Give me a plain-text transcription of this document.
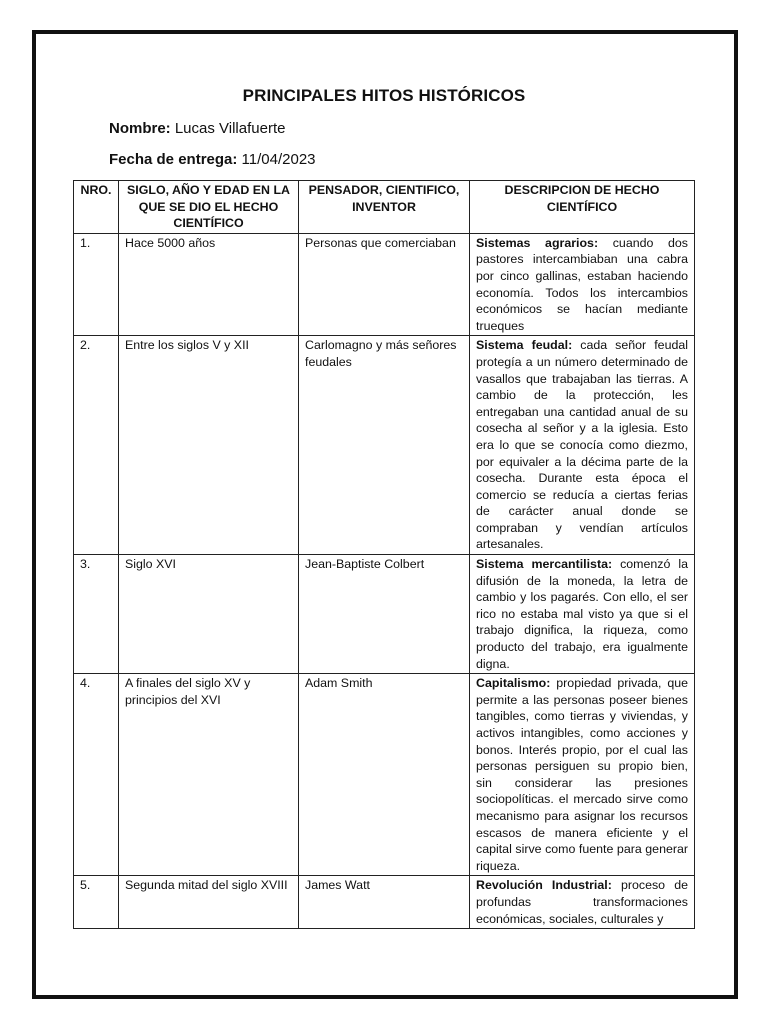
PRINCIPALES HITOS HISTÓRICOS
Nombre: Lucas Villafuerte
Fecha de entrega: 11/04/2023
NRO.	SIGLO, AÑO Y EDAD EN LA QUE SE DIO EL HECHO CIENTÍFICO	PENSADOR, CIENTIFICO, INVENTOR	DESCRIPCION DE HECHO CIENTÍFICO
1.	Hace 5000 años	Personas que comerciaban	Sistemas agrarios: cuando dos pastores intercambiaban una cabra por cinco gallinas, estaban haciendo economía. Todos los intercambios económicos se hacían mediante trueques
2.	Entre los siglos V y XII	Carlomagno y más señores feudales	Sistema feudal: cada señor feudal protegía a un número determinado de vasallos que trabajaban las tierras. A cambio de la protección, les entregaban una cantidad anual de su cosecha al señor y a la iglesia. Esto era lo que se conocía como diezmo, por equivaler a la décima parte de la cosecha. Durante esta época el comercio se reducía a ciertas ferias de carácter anual donde se compraban y vendían artículos artesanales.
3.	Siglo XVI	Jean-Baptiste Colbert	Sistema mercantilista: comenzó la difusión de la moneda, la letra de cambio y los pagarés. Con ello, el ser rico no estaba mal visto ya que si el trabajo dignifica, la riqueza, como producto del trabajo, era igualmente digna.
4.	A finales del siglo XV y principios del XVI	Adam Smith	Capitalismo: propiedad privada, que permite a las personas poseer bienes tangibles, como tierras y viviendas, y activos intangibles, como acciones y bonos. Interés propio, por el cual las personas persiguen su propio bien, sin considerar las presiones sociopolíticas. el mercado sirve como mecanismo para asignar los recursos escasos de manera eficiente y el capital sirve como fuente para generar riqueza.
5.	Segunda mitad del siglo XVIII	James Watt	Revolución Industrial: proceso de profundas transformaciones económicas, sociales, culturales y
